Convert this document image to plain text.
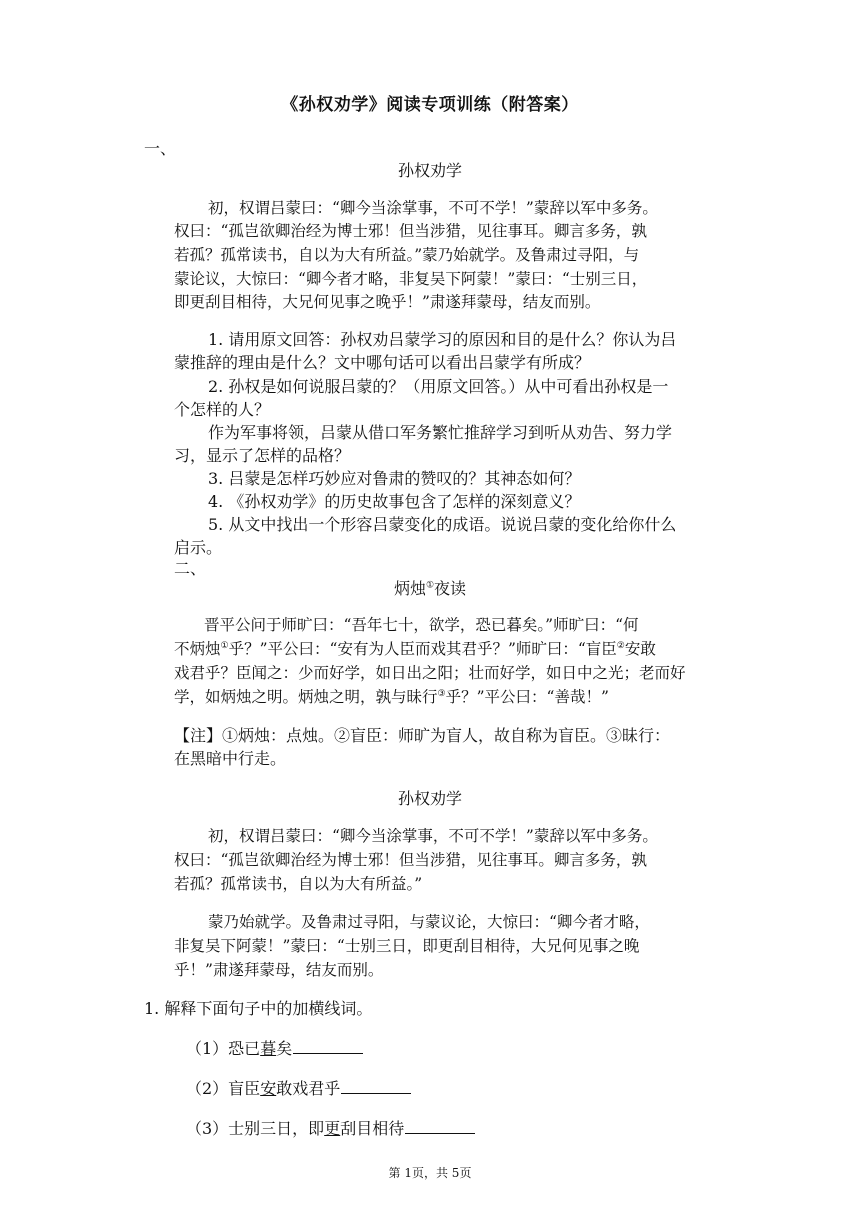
《孙权劝学》阅读专项训练（附答案）
一、
孙权劝学
初，权谓吕蒙曰：“卿今当涂掌事，不可不学！”蒙辞以军中多务。
权曰：“孤岂欲卿治经为博士邪！但当涉猎，见往事耳。卿言多务，孰
若孤？孤常读书，自以为大有所益。”蒙乃始就学。及鲁肃过寻阳，与
蒙论议，大惊曰：“卿今者才略，非复吴下阿蒙！”蒙曰：“士别三日，
即更刮目相待，大兄何见事之晚乎！”肃遂拜蒙母，结友而别。
1. 请用原文回答：孙权劝吕蒙学习的原因和目的是什么？你认为吕
蒙推辞的理由是什么？文中哪句话可以看出吕蒙学有所成？
2. 孙权是如何说服吕蒙的？（用原文回答。）从中可看出孙权是一
个怎样的人？
作为军事将领，吕蒙从借口军务繁忙推辞学习到听从劝告、努力学
习，显示了怎样的品格？
3. 吕蒙是怎样巧妙应对鲁肃的赞叹的？其神态如何？
4. 《孙权劝学》的历史故事包含了怎样的深刻意义？
5. 从文中找出一个形容吕蒙变化的成语。说说吕蒙的变化给你什么
启示。
二、
炳烛①夜读
晋平公问于师旷曰：“吾年七十，欲学，恐已暮矣。”师旷曰：“何
不炳烛①乎？”平公曰：“安有为人臣而戏其君乎？”师旷曰：“盲臣②安敢
戏君乎？臣闻之：少而好学，如日出之阳；壮而好学，如日中之光；老而好
学，如炳烛之明。炳烛之明，孰与昧行③乎？”平公曰：“善哉！”
【注】①炳烛：点烛。②盲臣：师旷为盲人，故自称为盲臣。③昧行：
在黑暗中行走。
孙权劝学
初，权谓吕蒙曰：“卿今当涂掌事，不可不学！”蒙辞以军中多务。
权曰：“孤岂欲卿治经为博士邪！但当涉猎，见往事耳。卿言多务，孰
若孤？孤常读书，自以为大有所益。”
蒙乃始就学。及鲁肃过寻阳，与蒙议论，大惊曰：“卿今者才略，
非复吴下阿蒙！”蒙曰：“士别三日，即更刮目相待，大兄何见事之晚
乎！”肃遂拜蒙母，结友而别。
1. 解释下面句子中的加横线词。
（1）恐已暮矣
（2）盲臣安敢戏君乎
（3）士别三日，即更刮目相待
第 1页，共 5页
